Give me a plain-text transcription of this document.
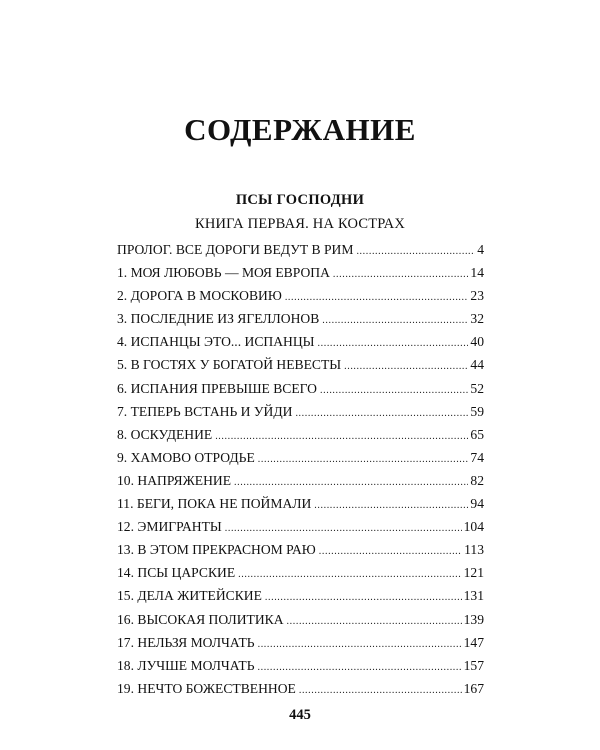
СОДЕРЖАНИЕ
ПСЫ ГОСПОДНИ
КНИГА ПЕРВАЯ. НА КОСТРАХ
ПРОЛОГ. ВСЕ ДОРОГИ ВЕДУТ В РИМ .....	4
1. МОЯ ЛЮБОВЬ — МОЯ ЕВРОПА .....	14
2. ДОРОГА В МОСКОВИЮ .....	23
3. ПОСЛЕДНИЕ ИЗ ЯГЕЛЛОНОВ .....	32
4. ИСПАНЦЫ ЭТО... ИСПАНЦЫ .....	40
5. В ГОСТЯХ У БОГАТОЙ НЕВЕСТЫ .....	44
6. ИСПАНИЯ ПРЕВЫШЕ ВСЕГО .....	52
7. ТЕПЕРЬ ВСТАНЬ И УЙДИ .....	59
8. ОСКУДЕНИЕ .....	65
9. ХАМОВО ОТРОДЬЕ .....	74
10. НАПРЯЖЕНИЕ .....	82
11. БЕГИ, ПОКА НЕ ПОЙМАЛИ .....	94
12. ЭМИГРАНТЫ .....	104
13. В ЭТОМ ПРЕКРАСНОМ РАЮ .....	113
14. ПСЫ ЦАРСКИЕ .....	121
15. ДЕЛА ЖИТЕЙСКИЕ .....	131
16. ВЫСОКАЯ ПОЛИТИКА .....	139
17. НЕЛЬЗЯ МОЛЧАТЬ .....	147
18. ЛУЧШЕ МОЛЧАТЬ .....	157
19. НЕЧТО БОЖЕСТВЕННОЕ .....	167
445
